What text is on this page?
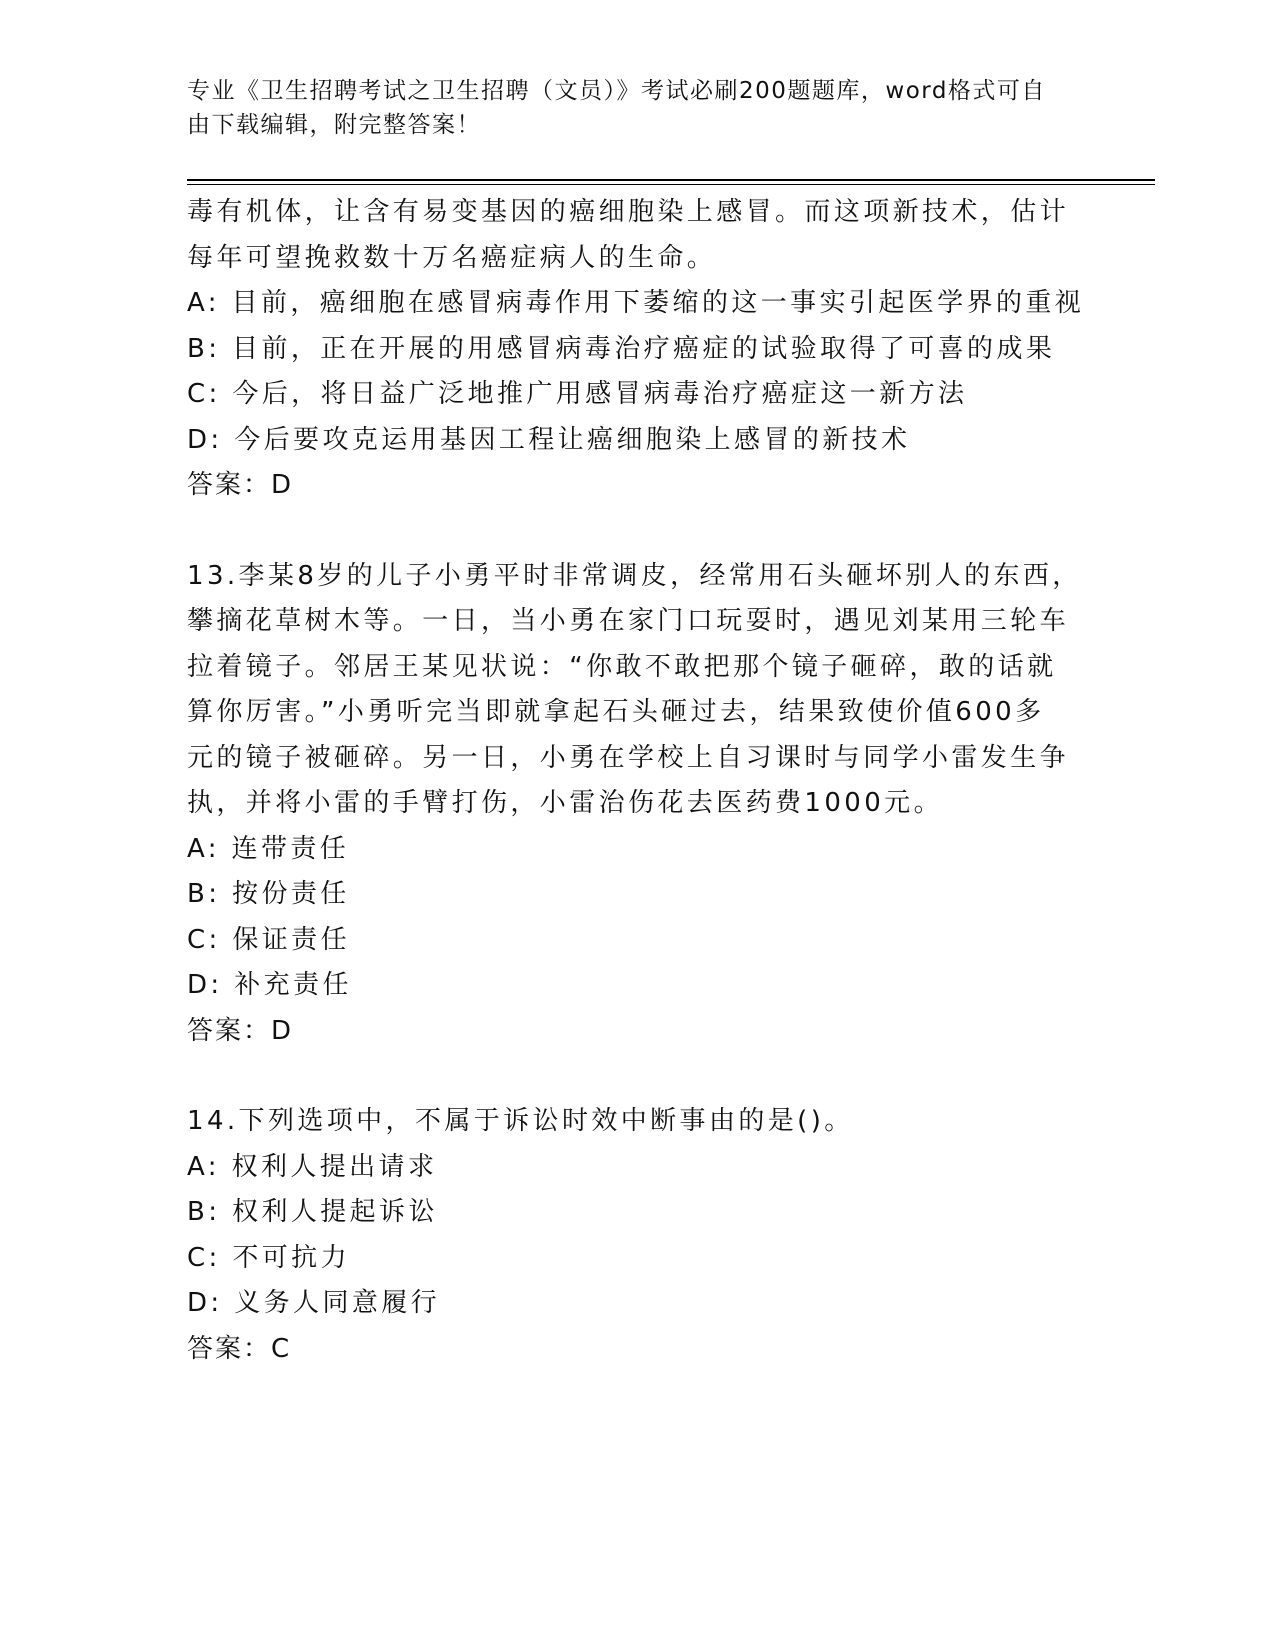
专业《卫生招聘考试之卫生招聘（文员）》考试必刷200题题库，word格式可自由下载编辑，附完整答案！
毒有机体，让含有易变基因的癌细胞染上感冒。而这项新技术，估计
每年可望挽救数十万名癌症病人的生命。
A: 目前，癌细胞在感冒病毒作用下萎缩的这一事实引起医学界的重视
B: 目前，正在开展的用感冒病毒治疗癌症的试验取得了可喜的成果
C: 今后，将日益广泛地推广用感冒病毒治疗癌症这一新方法
D: 今后要攻克运用基因工程让癌细胞染上感冒的新技术
答案：D
13.李某8岁的儿子小勇平时非常调皮，经常用石头砸坏别人的东西，
攀摘花草树木等。一日，当小勇在家门口玩耍时，遇见刘某用三轮车
拉着镜子。邻居王某见状说：“你敢不敢把那个镜子砸碎，敢的话就
算你厉害。”小勇听完当即就拿起石头砸过去，结果致使价值600多
元的镜子被砸碎。另一日，小勇在学校上自习课时与同学小雷发生争
执，并将小雷的手臂打伤，小雷治伤花去医药费1000元。
A: 连带责任
B: 按份责任
C: 保证责任
D: 补充责任
答案：D
14.下列选项中，不属于诉讼时效中断事由的是()。
A: 权利人提出请求
B: 权利人提起诉讼
C: 不可抗力
D: 义务人同意履行
答案：C
